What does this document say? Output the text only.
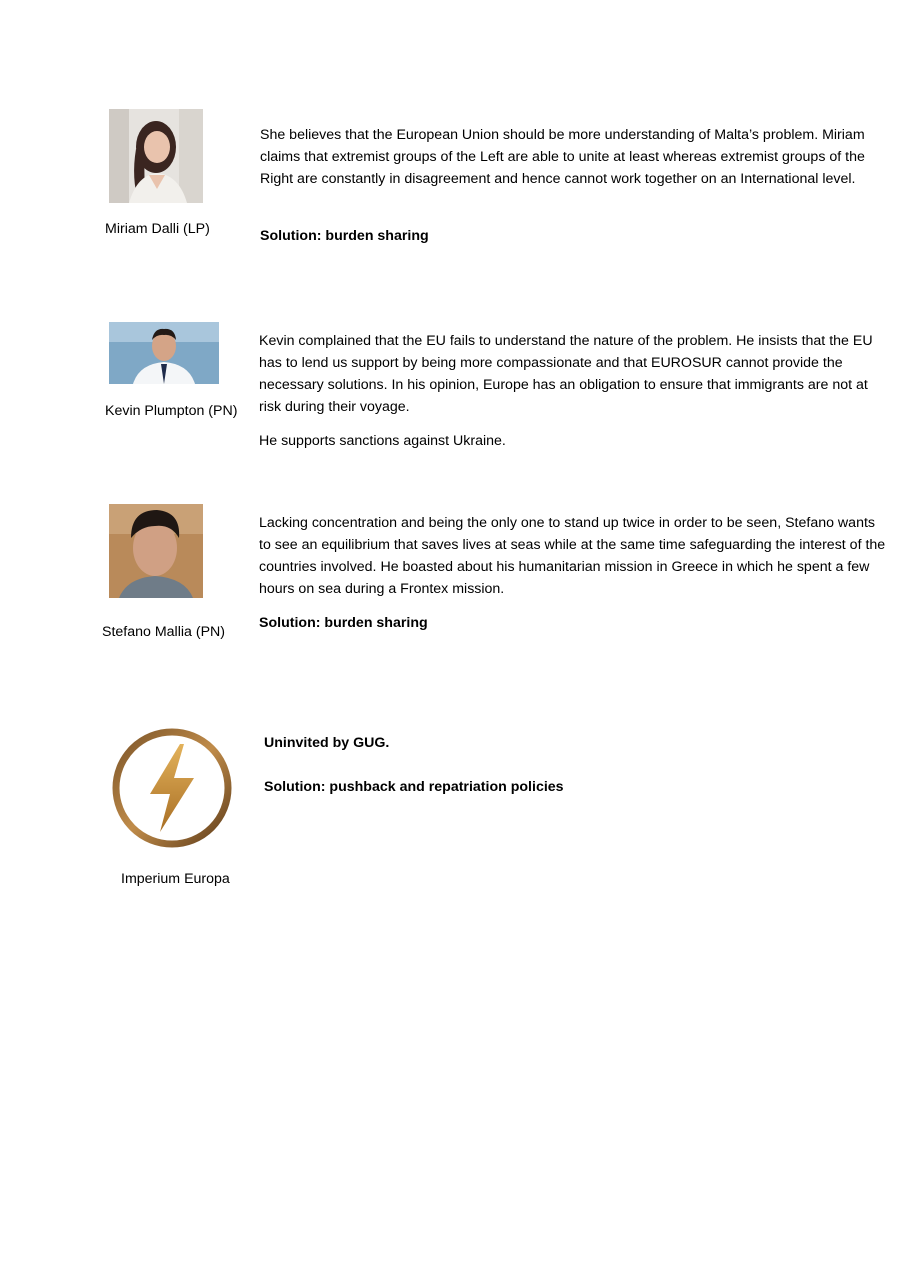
Miriam Dalli (LP)

She believes that the European Union should be more understanding of Malta’s problem. Miriam claims that extremist groups of the Left are able to unite at least whereas extremist groups of the Right are constantly in disagreement and hence cannot work together on an International level.

Solution: burden sharing
Kevin Plumpton (PN)

Kevin complained that the EU fails to understand the nature of the problem. He insists that the EU has to lend us support by being more compassionate and that EUROSUR cannot provide the necessary solutions. In his opinion, Europe has an obligation to ensure that immigrants are not at risk during their voyage.

He supports sanctions against Ukraine.

Stefano Mallia (PN)

Lacking concentration and being the only one to stand up twice in order to be seen, Stefano wants to see an equilibrium that saves lives at seas while at the same time safeguarding the interest of the countries involved. He boasted about his humanitarian mission in Greece in which he spent a few hours on sea during a Frontex mission.

Solution: burden sharing
Imperium Europa
Uninvited by GUG.
Solution: pushback and repatriation policies
